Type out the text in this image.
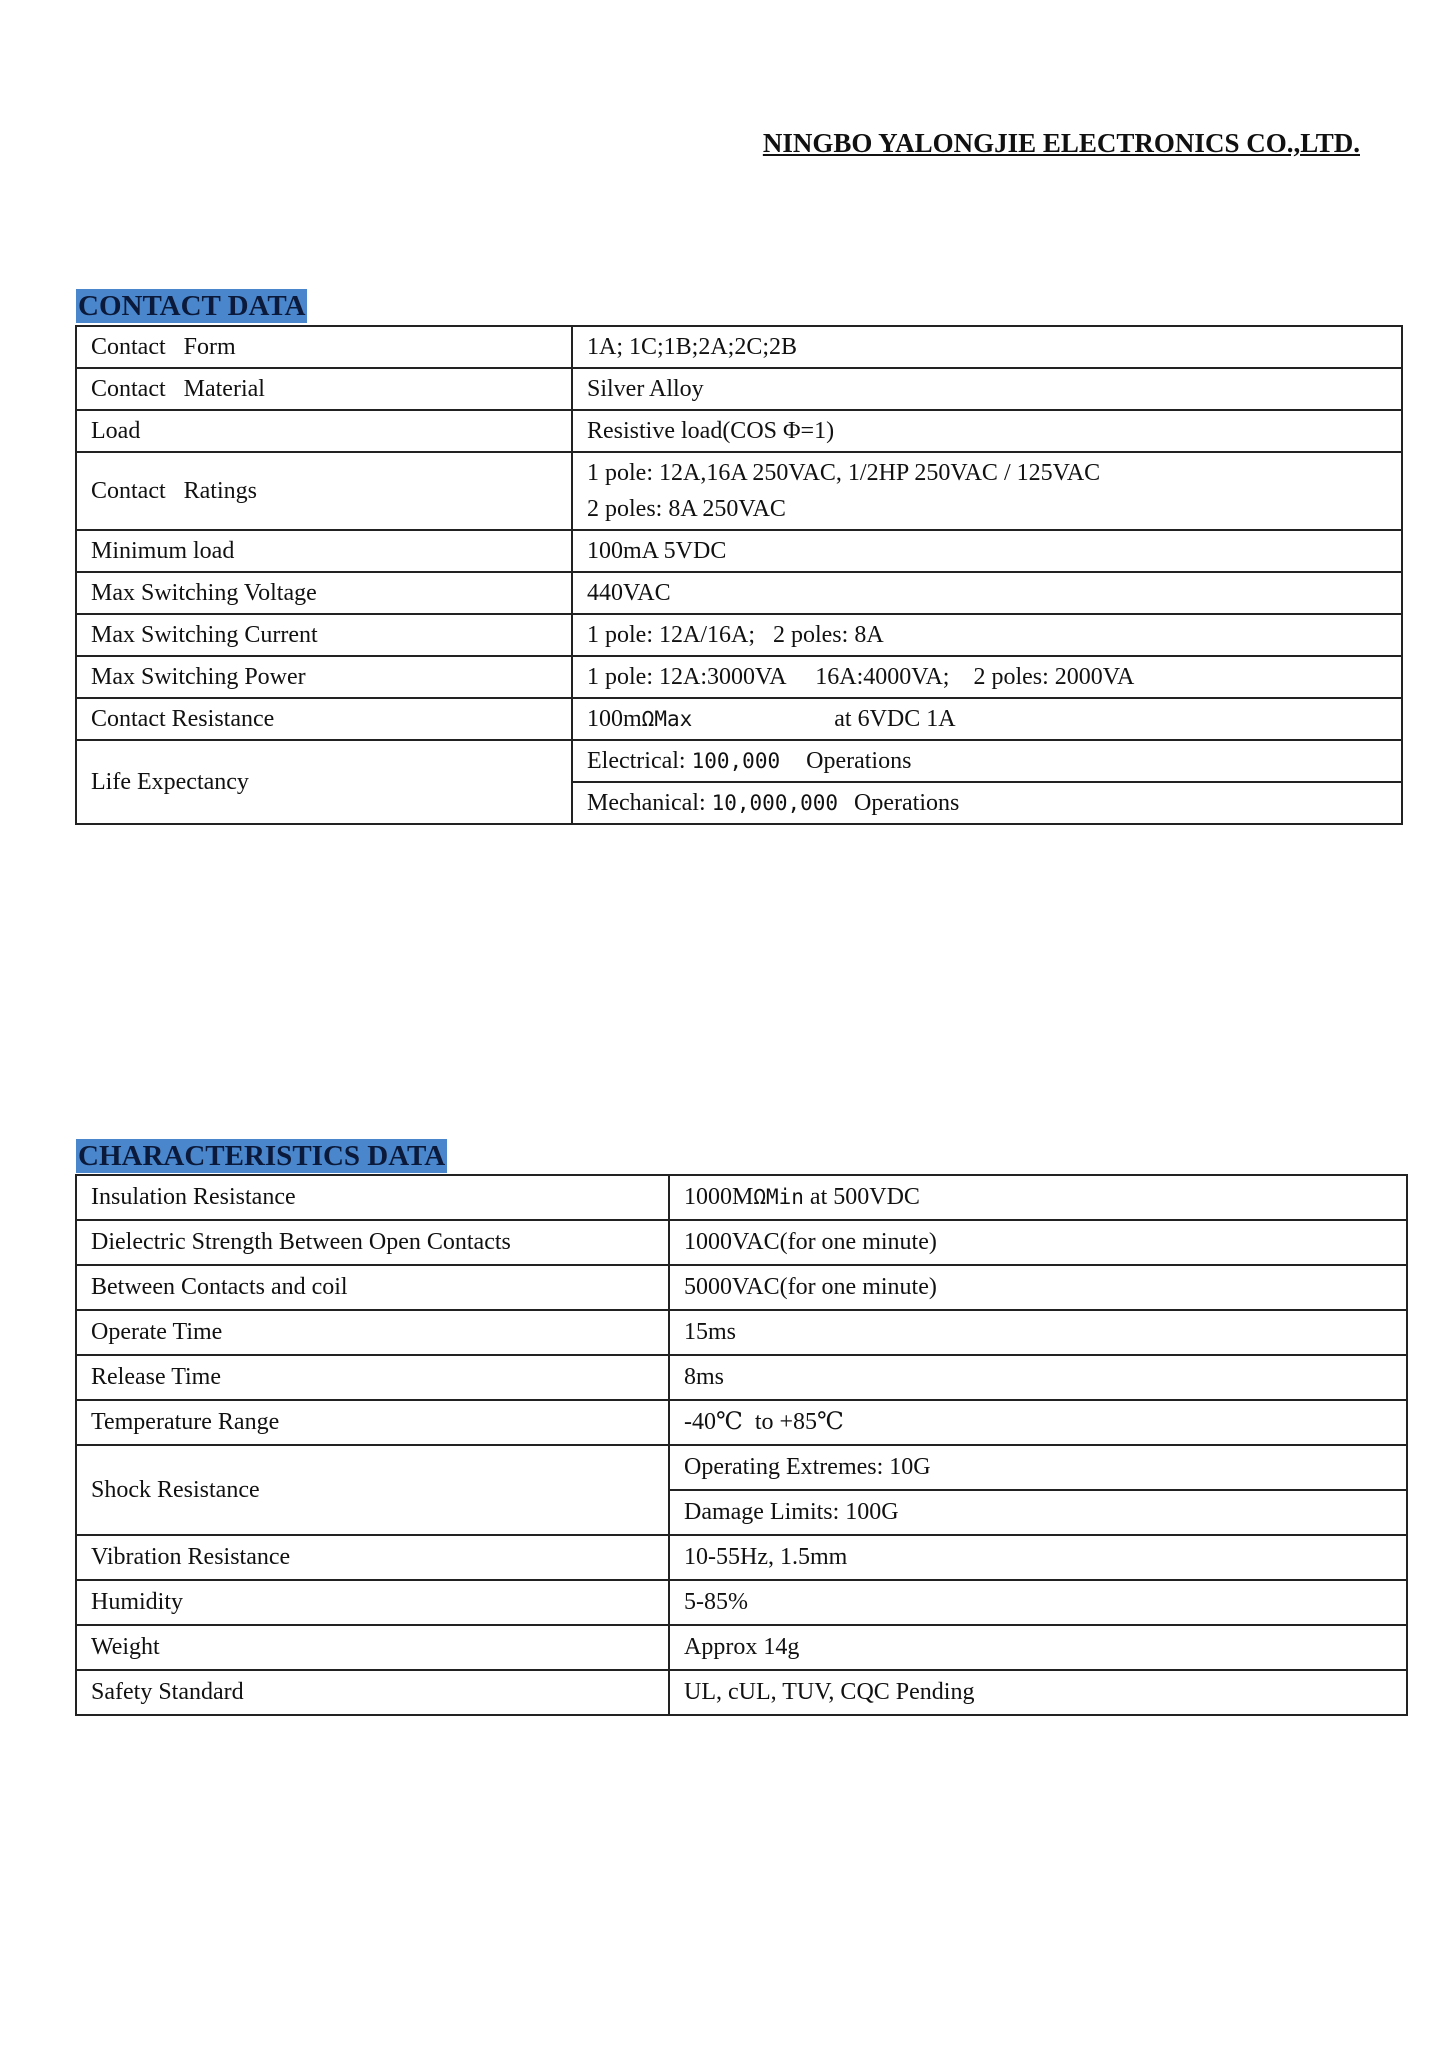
NINGBO YALONGJIE ELECTRONICS CO.,LTD.
CONTACT DATA
Contact   Form	1A; 1C;1B;2A;2C;2B
Contact   Material	Silver Alloy
Load	Resistive load(COS Φ=1)
Contact   Ratings	1 pole: 12A,16A 250VAC, 1/2HP 250VAC / 125VAC
2 poles: 8A 250VAC

Minimum load	100mA 5VDC
Max Switching Voltage	440VAC
Max Switching Current	1 pole: 12A/16A;   2 poles: 8A
Max Switching Power	1 pole: 12A:3000VA     16A:4000VA;    2 poles: 2000VA
Contact Resistance	100mΩMax at 6VDC 1A
Life Expectancy	Electrical: 100,000 Operations
	Mechanical: 10,000,000 Operations
CHARACTERISTICS DATA
Insulation Resistance	1000MΩMin at 500VDC
Dielectric Strength Between Open Contacts	1000VAC(for one minute)
Between Contacts and coil	5000VAC(for one minute)
Operate Time	15ms
Release Time	8ms
Temperature Range	-40℃  to +85℃
Shock Resistance	Operating Extremes: 10G
	Damage Limits: 100G
Vibration Resistance	10-55Hz, 1.5mm
Humidity	5-85%
Weight	Approx 14g
Safety Standard	UL, cUL, TUV, CQC Pending
